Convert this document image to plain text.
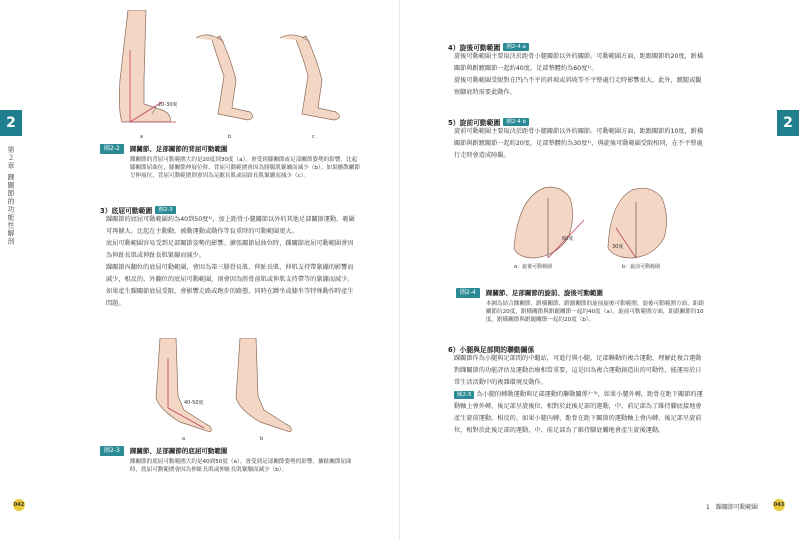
2
第２章 踝關節的功能性解剖
20-30度
a	b	c
圖2-2	踝關節、足部關節的背屈可動範圍
踝關節的背屈可動範圍大約是20度到30度（a）。會受到膝關節或足部關節姿勢的影響，比起膝關節屈曲位，膝關節伸展位時，背屈可動範圍會因為腓腸肌緊繃而減少（b）。如果擴散關節呈伸展位，背屈可動範圍則會因為足蹠長肌或屈趾長肌緊繃而減少（c）。
3）底屈可動範圍	圖2-3
踝關節的底屈可動範圍約為40到50度¹⁾，加上距骨小腿關節以外的其他足部關節運動，範圍可再擴大。比起在主動動，被動運動或動作等負重時的可動範圍更大。
底屈可動範圍容易受到足部關節姿勢的影響。擴張關節屈曲位時，踝關節底屈可動範圍會因為伸趾長肌或伸趾長肌緊繃而減少。
踝關節內翻位的底屈可動範圍，會因為第三腓骨長肌、伸趾長肌、伸肌支持帶緊繃的影響而減少，相反的，外翻位的底屈可動範圍，則會因為脛骨前肌或伸肌支持帶等的緊繃而減少。
如果產生踝關節底屈受限，會影響走路或跑步的路態，同時在蹲坐或膝坐等特殊動作時產生問題。
40-50度
a	b
圖2-3	踝關節、足部關節的底屈可動範圍
踝關節的底屈可動範圍大約是40到50度（a）。會受到足部關節姿勢的影響，擴趾關節屈曲時，底屈可動範圍會因為伸趾長肌或伸趾長肌緊繃而減少（b）。
042
2
4）旋後可動範圍	圖2-4 a
旋後可動範圍主要取決於距骨小腿關節以外的關節。可動範圍方面，距跟關節約20度，跗橫關節與跗蹠關節一起約40度，足部整體約為60度¹⁾。
旋後可動範圍受限對在凹凸不平的斜坡或斜坡等不平整處行走時影響很大。此外，蹠腿或觀察腳底時需要此動作。
5）旋前可動範圍	圖2-4 b
旋前可動範圍主要取決於距骨小腿關節以外的關節。可動範圍方面，距跟關節約10度，跗橫關節與跗蹠關節一起約20度，足部整體約為30度¹⁾，與旋後可動範圍受限相同，在不平整處行走時會造成障礙。
60度
a：旋後可動範圍
30度
b：旋前可動範圍
圖2-4	踝關節、足部關節的旋前、旋後可動範圍
本圖為結合踝關節、跗橫關節、跗蹠關節的旋前旋後可動範圍。旋後可動範圍方面，距跟關節約20度，跗橫關節與跗蹠關節一起約40度（a）。旋前可動範圍方面，距跟關節約10度，跗橫關節與跗蹠關節一起約20度（b）。
6）小腿與足部間的聯動關係
踝關節作為小腿與足部間的中繼站，可進行與小腿、足部聯動的複合運動，理解此複合運動對踝關節的功能評估及運動治療相當重要，這是因為複合運動創造出的可動性，能運用於日常生活活動中的複雜環境及動作。
圖2-5 為小腿的轉動運動與足部運動的聯動關係¹⁻³⁾，如果小腿外轉，距骨在距下關節的運動軸上會外轉，後足部呈旋後位，相對於此後足部的運動，中、前足部為了維持腳底接地會產生旋前運動。相反的，如果小腿內轉，距骨在距下關節的運動軸上會內轉，後足部呈旋前位，相對於此後足部的運動，中、前足部為了維持腳底觸地會產生旋後運動。
1　踝關節可動範圍	043
